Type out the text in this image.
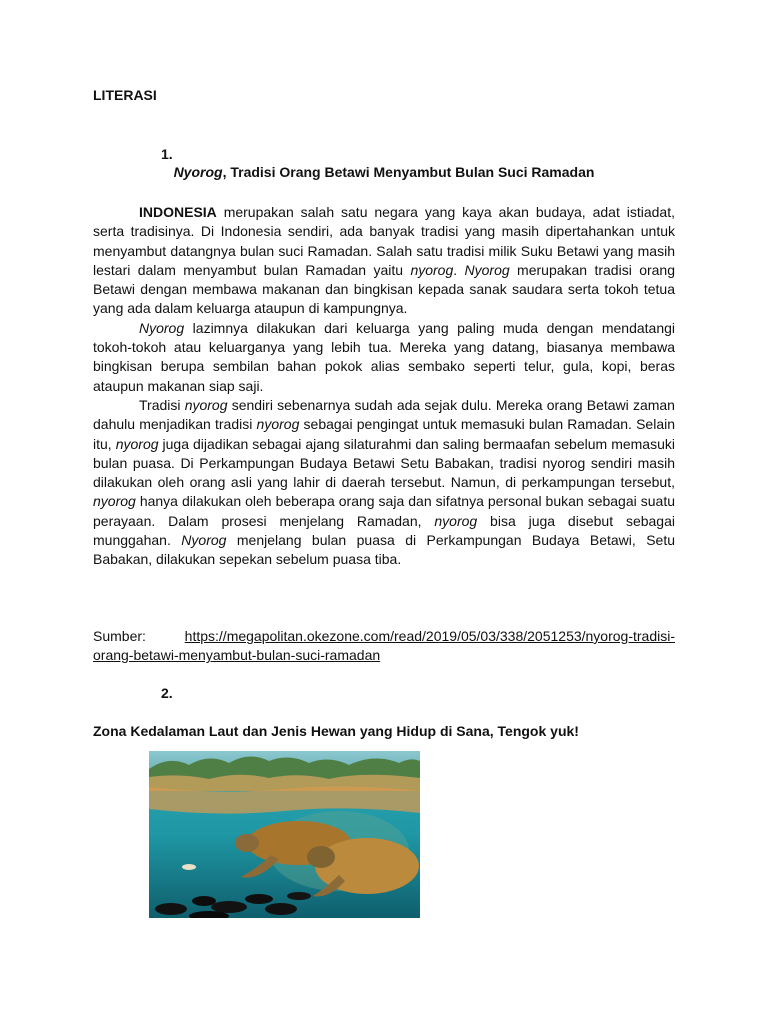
LITERASI
1.
Nyorog, Tradisi Orang Betawi Menyambut Bulan Suci Ramadan

INDONESIA merupakan salah satu negara yang kaya akan budaya, adat istiadat, serta tradisinya. Di Indonesia sendiri, ada banyak tradisi yang masih dipertahankan untuk menyambut datangnya bulan suci Ramadan. Salah satu tradisi milik Suku Betawi yang masih lestari dalam menyambut bulan Ramadan yaitu nyorog. Nyorog merupakan tradisi orang Betawi dengan membawa makanan dan bingkisan kepada sanak saudara serta tokoh tetua yang ada dalam keluarga ataupun di kampungnya.

Nyorog lazimnya dilakukan dari keluarga yang paling muda dengan mendatangi tokoh-tokoh atau keluarganya yang lebih tua. Mereka yang datang, biasanya membawa bingkisan berupa sembilan bahan pokok alias sembako seperti telur, gula, kopi, beras ataupun makanan siap saji.

Tradisi nyorog sendiri sebenarnya sudah ada sejak dulu. Mereka orang Betawi zaman dahulu menjadikan tradisi nyorog sebagai pengingat untuk memasuki bulan Ramadan. Selain itu, nyorog juga dijadikan sebagai ajang silaturahmi dan saling bermaafan sebelum memasuki bulan puasa. Di Perkampungan Budaya Betawi Setu Babakan, tradisi nyorog sendiri masih dilakukan oleh orang asli yang lahir di daerah tersebut. Namun, di perkampungan tersebut, nyorog hanya dilakukan oleh beberapa orang saja dan sifatnya personal bukan sebagai suatu perayaan. Dalam prosesi menjelang Ramadan, nyorog bisa juga disebut sebagai munggahan. Nyorog menjelang bulan puasa di Perkampungan Budaya Betawi, Setu Babakan, dilakukan sepekan sebelum puasa tiba.

Sumber:	https://megapolitan.okezone.com/read/2019/05/03/338/2051253/nyorog-tradisi-orang-betawi-menyambut-bulan-suci-ramadan
2.
Zona Kedalaman Laut dan Jenis Hewan yang Hidup di Sana, Tengok yuk!
